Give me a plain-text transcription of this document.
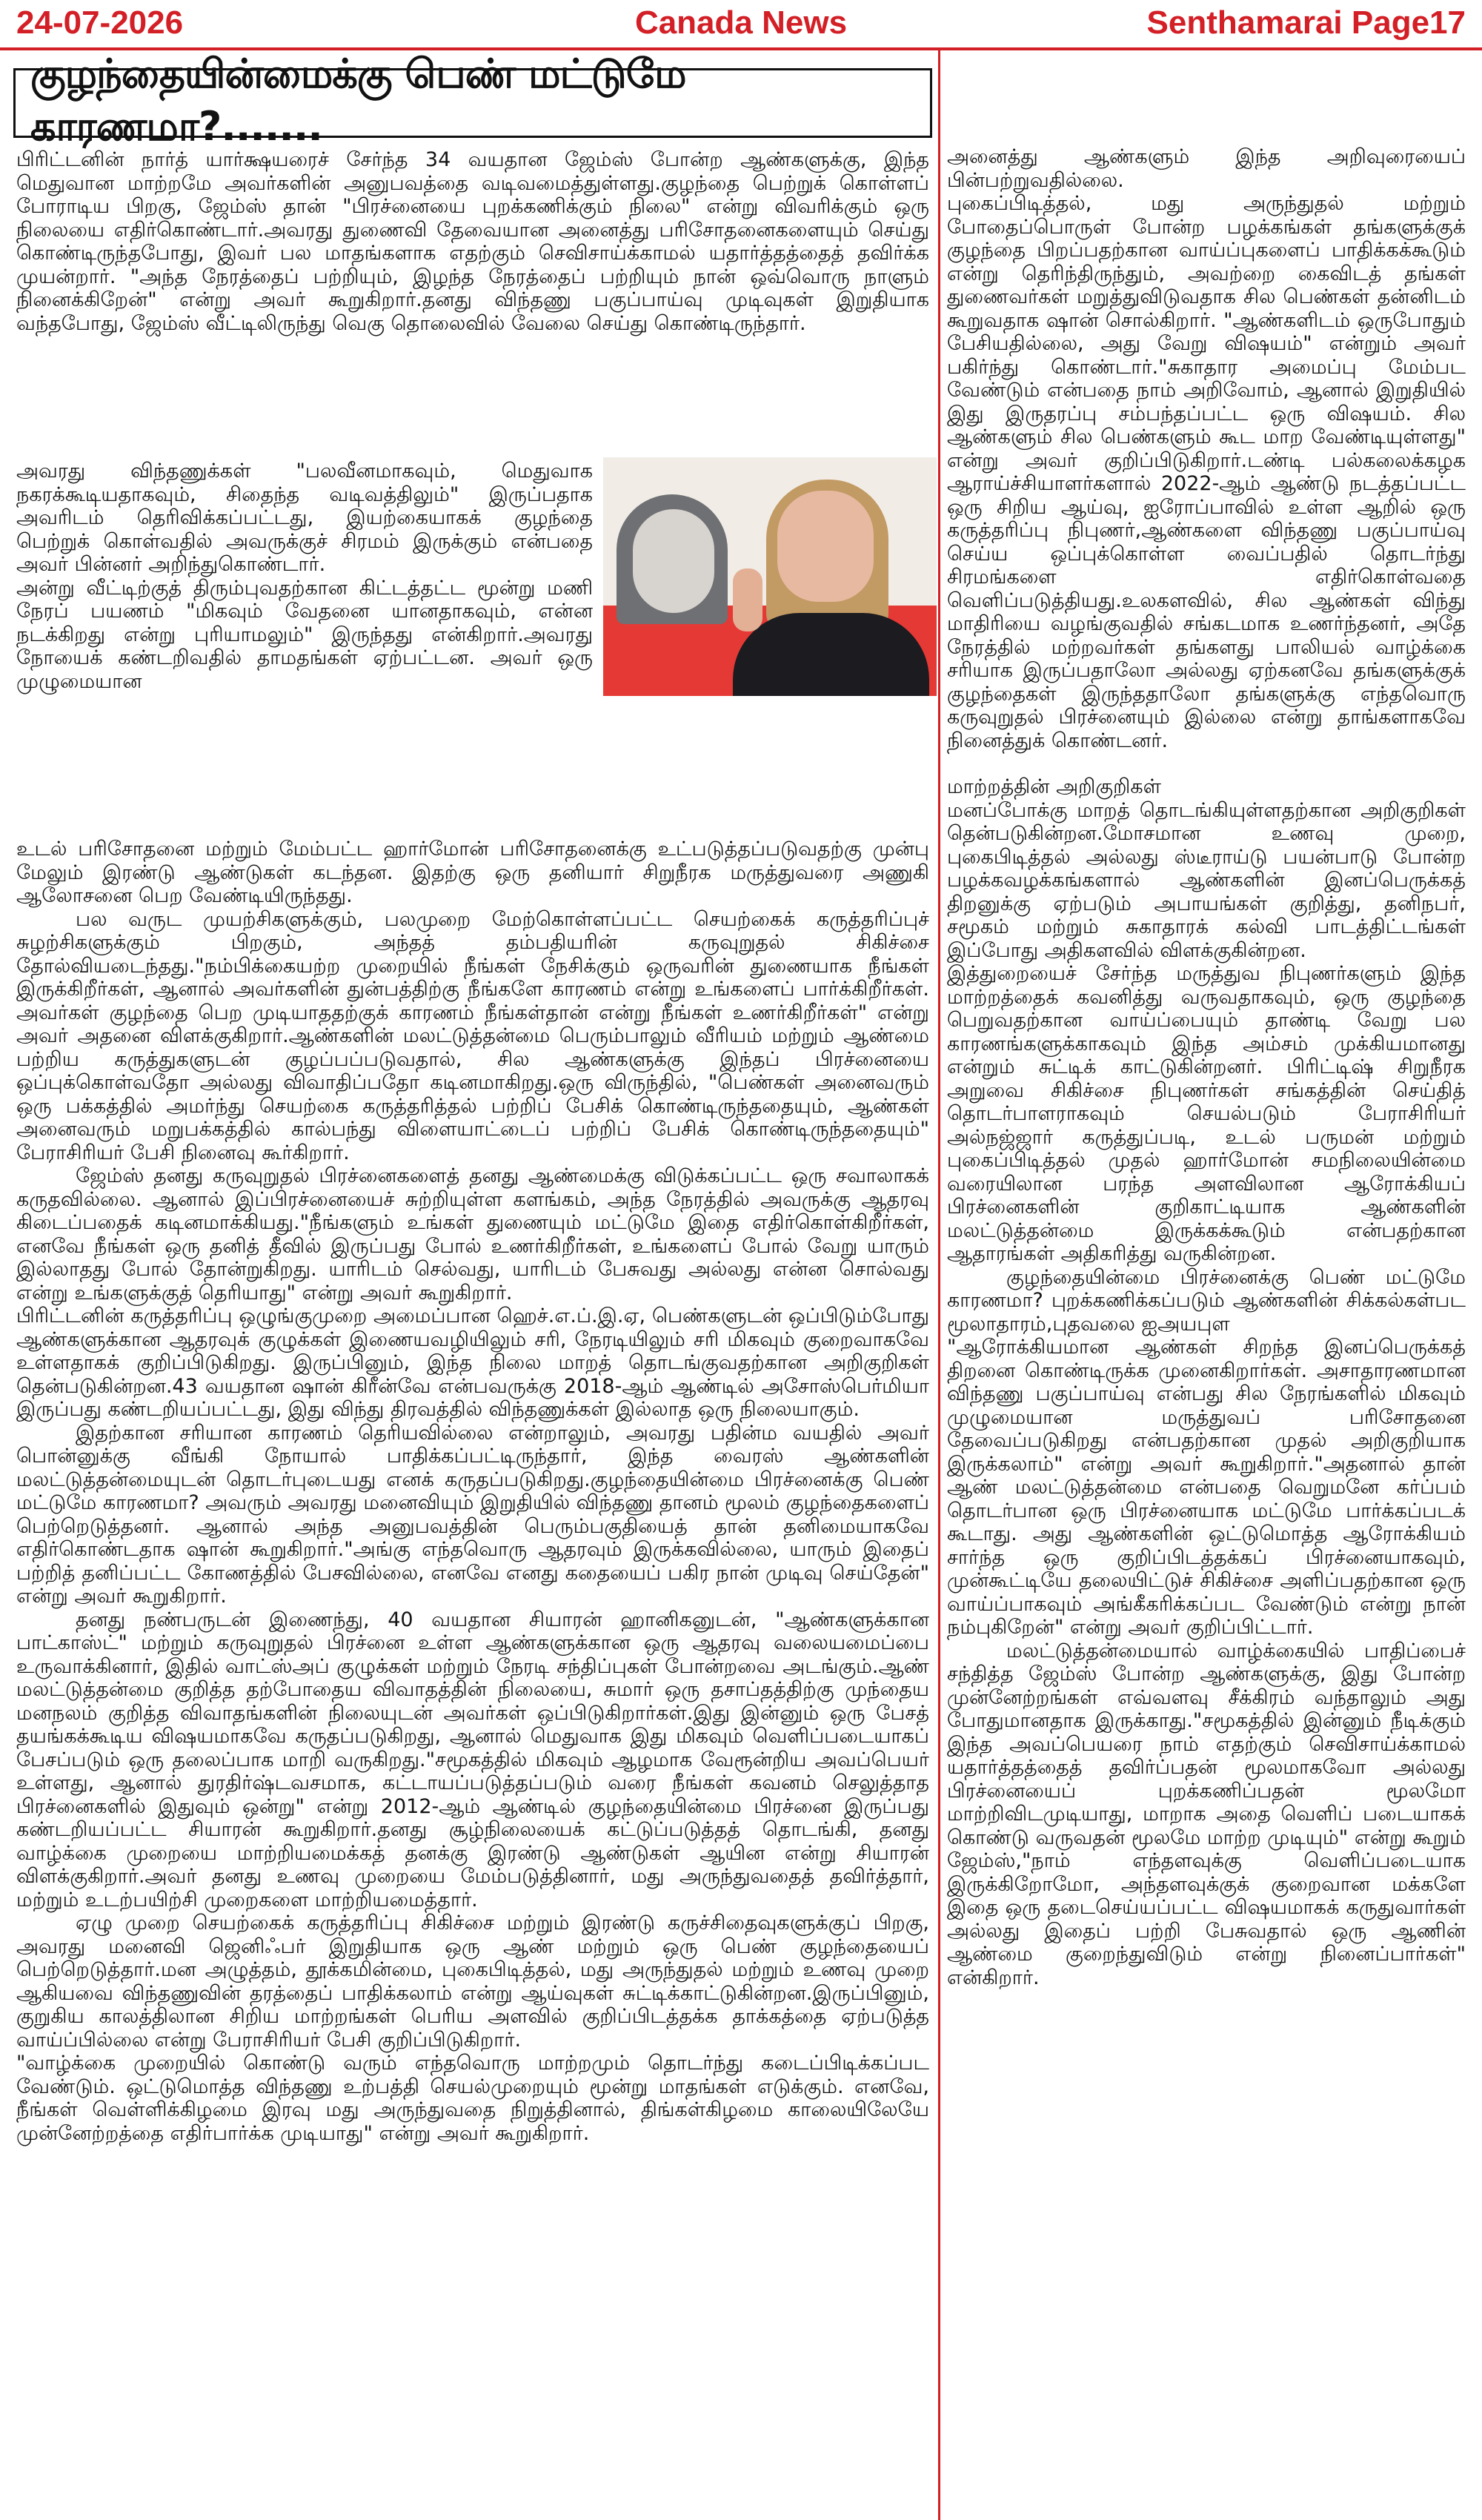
24-07-2026	Canada News	Senthamarai Page17
குழந்தையின்மைக்கு பெண் மட்டுமே காரணமா?.......

பிரிட்டனின் நார்த் யார்க்ஷயரைச் சேர்ந்த 34 வயதான ஜேம்ஸ் போன்ற ஆண்களுக்கு, இந்த மெதுவான மாற்றமே அவர்களின் அனுபவத்தை வடிவமைத்துள்ளது.குழந்தை பெற்றுக் கொள்ளப் போராடிய பிறகு, ஜேம்ஸ் தான் "பிரச்னையை புறக்கணிக்கும் நிலை" என்று விவரிக்கும் ஒரு நிலையை எதிர்கொண்டார்.அவரது துணைவி தேவையான அனைத்து பரிசோதனைகளையும் செய்து கொண்டிருந்தபோது, இவர் பல மாதங்களாக எதற்கும் செவிசாய்க்காமல் யதார்த்தத்தைத் தவிர்க்க முயன்றார். "அந்த நேரத்தைப் பற்றியும், இழந்த நேரத்தைப் பற்றியும் நான் ஒவ்வொரு நாளும் நினைக்கிறேன்" என்று அவர் கூறுகிறார்.தனது விந்தணு பகுப்பாய்வு முடிவுகள் இறுதியாக வந்தபோது, ஜேம்ஸ் வீட்டிலிருந்து வெகு தொலைவில் வேலை செய்து கொண்டிருந்தார்.

அவரது விந்தணுக்கள் "பலவீனமாகவும், மெதுவாக நகரக்கூடியதாகவும், சிதைந்த வடிவத்திலும்" இருப்பதாக அவரிடம் தெரிவிக்கப்பட்டது, இயற்கையாகக் குழந்தை பெற்றுக் கொள்வதில் அவருக்குச் சிரமம் இருக்கும் என்பதை அவர் பின்னர் அறிந்துகொண்டார்.

அன்று வீட்டிற்குத் திரும்புவதற்கான கிட்டத்தட்ட மூன்று மணி நேரப் பயணம் "மிகவும் வேதனை யானதாகவும், என்ன நடக்கிறது என்று புரியாமலும்" இருந்தது என்கிறார்.அவரது நோயைக் கண்டறிவதில் தாமதங்கள் ஏற்பட்டன. அவர் ஒரு முழுமையான

உடல் பரிசோதனை மற்றும் மேம்பட்ட ஹார்மோன் பரிசோதனைக்கு உட்படுத்தப்படுவதற்கு முன்பு மேலும் இரண்டு ஆண்டுகள் கடந்தன. இதற்கு ஒரு தனியார் சிறுநீரக மருத்துவரை அணுகி ஆலோசனை பெற வேண்டியிருந்தது.

பல வருட முயற்சிகளுக்கும், பலமுறை மேற்கொள்ளப்பட்ட செயற்கைக் கருத்தரிப்புச் சுழற்சிகளுக்கும் பிறகும், அந்தத் தம்பதியரின் கருவுறுதல் சிகிச்சை தோல்வியடைந்தது."நம்பிக்கையற்ற முறையில் நீங்கள் நேசிக்கும் ஒருவரின் துணையாக நீங்கள் இருக்கிறீர்கள், ஆனால் அவர்களின் துன்பத்திற்கு நீங்களே காரணம் என்று உங்களைப் பார்க்கிறீர்கள். அவர்கள் குழந்தை பெற முடியாததற்குக் காரணம் நீங்கள்தான் என்று நீங்கள் உணர்கிறீர்கள்" என்று அவர் அதனை விளக்குகிறார்.ஆண்களின் மலட்டுத்தன்மை பெரும்பாலும் வீரியம் மற்றும் ஆண்மை பற்றிய கருத்துகளுடன் குழப்பப்படுவதால், சில ஆண்களுக்கு இந்தப் பிரச்னையை ஒப்புக்கொள்வதோ அல்லது விவாதிப்பதோ கடினமாகிறது.ஒரு விருந்தில், "பெண்கள் அனைவரும் ஒரு பக்கத்தில் அமர்ந்து செயற்கை கருத்தரித்தல் பற்றிப் பேசிக் கொண்டிருந்ததையும், ஆண்கள் அனைவரும் மறுபக்கத்தில் கால்பந்து விளையாட்டைப் பற்றிப் பேசிக் கொண்டிருந்ததையும்" பேராசிரியர் பேசி நினைவு கூர்கிறார்.

ஜேம்ஸ் தனது கருவுறுதல் பிரச்னைகளைத் தனது ஆண்மைக்கு விடுக்கப்பட்ட ஒரு சவாலாகக் கருதவில்லை. ஆனால் இப்பிரச்னையைச் சுற்றியுள்ள களங்கம், அந்த நேரத்தில் அவருக்கு ஆதரவு கிடைப்பதைக் கடினமாக்கியது."நீங்களும் உங்கள் துணையும் மட்டுமே இதை எதிர்கொள்கிறீர்கள், எனவே நீங்கள் ஒரு தனித் தீவில் இருப்பது போல் உணர்கிறீர்கள், உங்களைப் போல் வேறு யாரும் இல்லாதது போல் தோன்றுகிறது. யாரிடம் செல்வது, யாரிடம் பேசுவது அல்லது என்ன சொல்வது என்று உங்களுக்குத் தெரியாது" என்று அவர் கூறுகிறார்.

பிரிட்டனின் கருத்தரிப்பு ஒழுங்குமுறை அமைப்பான ஹெச்.எ.ப்.இ.ஏ, பெண்களுடன் ஒப்பிடும்போது ஆண்களுக்கான ஆதரவுக் குழுக்கள் இணையவழியிலும் சரி, நேரடியிலும் சரி மிகவும் குறைவாகவே உள்ளதாகக் குறிப்பிடுகிறது. இருப்பினும், இந்த நிலை மாறத் தொடங்குவதற்கான அறிகுறிகள் தென்படுகின்றன.43 வயதான ஷான் கிரீன்வே என்பவருக்கு 2018-ஆம் ஆண்டில் அசோஸ்பெர்மியா இருப்பது கண்டறியப்பட்டது, இது விந்து திரவத்தில் விந்தணுக்கள் இல்லாத ஒரு நிலையாகும்.

இதற்கான சரியான காரணம் தெரியவில்லை என்றாலும், அவரது பதின்ம வயதில் அவர் பொன்னுக்கு வீங்கி நோயால் பாதிக்கப்பட்டிருந்தார், இந்த வைரஸ் ஆண்களின் மலட்டுத்தன்மையுடன் தொடர்புடையது எனக் கருதப்படுகிறது.குழந்தையின்மை பிரச்னைக்கு பெண் மட்டுமே காரணமா? அவரும் அவரது மனைவியும் இறுதியில் விந்தணு தானம் மூலம் குழந்தைகளைப் பெற்றெடுத்தனர். ஆனால் அந்த அனுபவத்தின் பெரும்பகுதியைத் தான் தனிமையாகவே எதிர்கொண்டதாக ஷான் கூறுகிறார்."அங்கு எந்தவொரு ஆதரவும் இருக்கவில்லை, யாரும் இதைப் பற்றித் தனிப்பட்ட கோணத்தில் பேசவில்லை, எனவே எனது கதையைப் பகிர நான் முடிவு செய்தேன்" என்று அவர் கூறுகிறார்.

தனது நண்பருடன் இணைந்து, 40 வயதான சியாரன் ஹானிகனுடன், "ஆண்களுக்கான பாட்காஸ்ட்" மற்றும் கருவுறுதல் பிரச்னை உள்ள ஆண்களுக்கான ஒரு ஆதரவு வலையமைப்பை உருவாக்கினார், இதில் வாட்ஸ்அப் குழுக்கள் மற்றும் நேரடி சந்திப்புகள் போன்றவை அடங்கும்.ஆண் மலட்டுத்தன்மை குறித்த தற்போதைய விவாதத்தின் நிலையை, சுமார் ஒரு தசாப்தத்திற்கு முந்தைய மனநலம் குறித்த விவாதங்களின் நிலையுடன் அவர்கள் ஒப்பிடுகிறார்கள்.இது இன்னும் ஒரு பேசத் தயங்கக்கூடிய விஷயமாகவே கருதப்படுகிறது, ஆனால் மெதுவாக இது மிகவும் வெளிப்படையாகப் பேசப்படும் ஒரு தலைப்பாக மாறி வருகிறது."சமூகத்தில் மிகவும் ஆழமாக வேரூன்றிய அவப்பெயர் உள்ளது, ஆனால் துரதிர்ஷ்டவசமாக, கட்டாயப்படுத்தப்படும் வரை நீங்கள் கவனம் செலுத்தாத பிரச்னைகளில் இதுவும் ஒன்று" என்று 2012-ஆம் ஆண்டில் குழந்தையின்மை பிரச்னை இருப்பது கண்டறியப்பட்ட சியாரன் கூறுகிறார்.தனது சூழ்நிலையைக் கட்டுப்படுத்தத் தொடங்கி, தனது வாழ்க்கை முறையை மாற்றியமைக்கத் தனக்கு இரண்டு ஆண்டுகள் ஆயின என்று சியாரன் விளக்குகிறார்.அவர் தனது உணவு முறையை மேம்படுத்தினார், மது அருந்துவதைத் தவிர்த்தார், மற்றும் உடற்பயிற்சி முறைகளை மாற்றியமைத்தார்.

ஏழு முறை செயற்கைக் கருத்தரிப்பு சிகிச்சை மற்றும் இரண்டு கருச்சிதைவுகளுக்குப் பிறகு, அவரது மனைவி ஜெனிஃபர் இறுதியாக ஒரு ஆண் மற்றும் ஒரு பெண் குழந்தையைப் பெற்றெடுத்தார்.மன அழுத்தம், தூக்கமின்மை, புகைபிடித்தல், மது அருந்துதல் மற்றும் உணவு முறை ஆகியவை விந்தணுவின் தரத்தைப் பாதிக்கலாம் என்று ஆய்வுகள் சுட்டிக்காட்டுகின்றன.இருப்பினும், குறுகிய காலத்திலான சிறிய மாற்றங்கள் பெரிய அளவில் குறிப்பிடத்தக்க தாக்கத்தை ஏற்படுத்த வாய்ப்பில்லை என்று பேராசிரியர் பேசி குறிப்பிடுகிறார்.

"வாழ்க்கை முறையில் கொண்டு வரும் எந்தவொரு மாற்றமும் தொடர்ந்து கடைப்பிடிக்கப்பட வேண்டும். ஒட்டுமொத்த விந்தணு உற்பத்தி செயல்முறையும் மூன்று மாதங்கள் எடுக்கும். எனவே, நீங்கள் வெள்ளிக்கிழமை இரவு மது அருந்துவதை நிறுத்தினால், திங்கள்கிழமை காலையிலேயே முன்னேற்றத்தை எதிர்பார்க்க முடியாது" என்று அவர் கூறுகிறார்.

அனைத்து ஆண்களும் இந்த அறிவுரையைப் பின்பற்றுவதில்லை.

புகைப்பிடித்தல், மது அருந்துதல் மற்றும் போதைப்பொருள் போன்ற பழக்கங்கள் தங்களுக்குக் குழந்தை பிறப்பதற்கான வாய்ப்புகளைப் பாதிக்கக்கூடும் என்று தெரிந்திருந்தும், அவற்றை கைவிடத் தங்கள் துணைவர்கள் மறுத்துவிடுவதாக சில பெண்கள் தன்னிடம் கூறுவதாக ஷான் சொல்கிறார். "ஆண்களிடம் ஒருபோதும் பேசியதில்லை, அது வேறு விஷயம்" என்றும் அவர் பகிர்ந்து கொண்டார்."சுகாதார அமைப்பு மேம்பட வேண்டும் என்பதை நாம் அறிவோம், ஆனால் இறுதியில் இது இருதரப்பு சம்பந்தப்பட்ட ஒரு விஷயம். சில ஆண்களும் சில பெண்களும் கூட மாற வேண்டியுள்ளது" என்று அவர் குறிப்பிடுகிறார்.டண்டி பல்கலைக்கழக ஆராய்ச்சியாளர்களால் 2022-ஆம் ஆண்டு நடத்தப்பட்ட ஒரு சிறிய ஆய்வு, ஐரோப்பாவில் உள்ள ஆறில் ஒரு கருத்தரிப்பு நிபுணர்,ஆண்களை விந்தணு பகுப்பாய்வு செய்ய ஒப்புக்கொள்ள வைப்பதில் தொடர்ந்து சிரமங்களை எதிர்கொள்வதை வெளிப்படுத்தியது.உலகளவில், சில ஆண்கள் விந்து மாதிரியை வழங்குவதில் சங்கடமாக உணர்ந்தனர், அதே நேரத்தில் மற்றவர்கள் தங்களது பாலியல் வாழ்க்கை சரியாக இருப்பதாலோ அல்லது ஏற்கனவே தங்களுக்குக் குழந்தைகள் இருந்ததாலோ தங்களுக்கு எந்தவொரு கருவுறுதல் பிரச்னையும் இல்லை என்று தாங்களாகவே நினைத்துக் கொண்டனர்.

மாற்றத்தின் அறிகுறிகள்

மனப்போக்கு மாறத் தொடங்கியுள்ளதற்கான அறிகுறிகள் தென்படுகின்றன.மோசமான உணவு முறை, புகைபிடித்தல் அல்லது ஸ்டீராய்டு பயன்பாடு போன்ற பழக்கவழக்கங்களால் ஆண்களின் இனப்பெருக்கத் திறனுக்கு ஏற்படும் அபாயங்கள் குறித்து, தனிநபர், சமூகம் மற்றும் சுகாதாரக் கல்வி பாடத்திட்டங்கள் இப்போது அதிகளவில் விளக்குகின்றன.

இத்துறையைச் சேர்ந்த மருத்துவ நிபுணர்களும் இந்த மாற்றத்தைக் கவனித்து வருவதாகவும், ஒரு குழந்தை பெறுவதற்கான வாய்ப்பையும் தாண்டி வேறு பல காரணங்களுக்காகவும் இந்த அம்சம் முக்கியமானது என்றும் சுட்டிக் காட்டுகின்றனர். பிரிட்டிஷ் சிறுநீரக அறுவை சிகிச்சை நிபுணர்கள் சங்கத்தின் செய்தித் தொடர்பாளராகவும் செயல்படும் பேராசிரியர் அல்நஜ்ஜார் கருத்துப்படி, உடல் பருமன் மற்றும் புகைப்பிடித்தல் முதல் ஹார்மோன் சமநிலையின்மை வரையிலான பரந்த அளவிலான ஆரோக்கியப் பிரச்னைகளின் குறிகாட்டியாக ஆண்களின் மலட்டுத்தன்மை இருக்கக்கூடும் என்பதற்கான ஆதாரங்கள் அதிகரித்து வருகின்றன.

குழந்தையின்மை பிரச்னைக்கு பெண் மட்டுமே காரணமா? புறக்கணிக்கப்படும் ஆண்களின் சிக்கல்கள்பட மூலாதாரம்,புதவலை ஐஅயபுள

"ஆரோக்கியமான ஆண்கள் சிறந்த இனப்பெருக்கத் திறனை கொண்டிருக்க முனைகிறார்கள். அசாதாரணமான விந்தணு பகுப்பாய்வு என்பது சில நேரங்களில் மிகவும் முழுமையான மருத்துவப் பரிசோதனை தேவைப்படுகிறது என்பதற்கான முதல் அறிகுறியாக இருக்கலாம்" என்று அவர் கூறுகிறார்."அதனால் தான் ஆண் மலட்டுத்தன்மை என்பதை வெறுமனே கர்ப்பம் தொடர்பான ஒரு பிரச்னையாக மட்டுமே பார்க்கப்படக் கூடாது. அது ஆண்களின் ஒட்டுமொத்த ஆரோக்கியம் சார்ந்த ஒரு குறிப்பிடத்தக்கப் பிரச்னையாகவும், முன்கூட்டியே தலையிட்டுச் சிகிச்சை அளிப்பதற்கான ஒரு வாய்ப்பாகவும் அங்கீகரிக்கப்பட வேண்டும் என்று நான் நம்புகிறேன்" என்று அவர் குறிப்பிட்டார்.

மலட்டுத்தன்மையால் வாழ்க்கையில் பாதிப்பைச் சந்தித்த ஜேம்ஸ் போன்ற ஆண்களுக்கு, இது போன்ற முன்னேற்றங்கள் எவ்வளவு சீக்கிரம் வந்தாலும் அது போதுமானதாக இருக்காது."சமூகத்தில் இன்னும் நீடிக்கும் இந்த அவப்பெயரை நாம் எதற்கும் செவிசாய்க்காமல் யதார்த்தத்தைத் தவிர்ப்பதன் மூலமாகவோ அல்லது பிரச்னையைப் புறக்கணிப்பதன் மூலமோ மாற்றிவிடமுடியாது, மாறாக அதை வெளிப் படையாகக் கொண்டு வருவதன் மூலமே மாற்ற முடியும்" என்று கூறும் ஜேம்ஸ்,"நாம் எந்தளவுக்கு வெளிப்படையாக இருக்கிறோமோ, அந்தளவுக்குக் குறைவான மக்களே இதை ஒரு தடைசெய்யப்பட்ட விஷயமாகக் கருதுவார்கள் அல்லது இதைப் பற்றி பேசுவதால் ஒரு ஆணின் ஆண்மை குறைந்துவிடும் என்று நினைப்பார்கள்" என்கிறார்.
